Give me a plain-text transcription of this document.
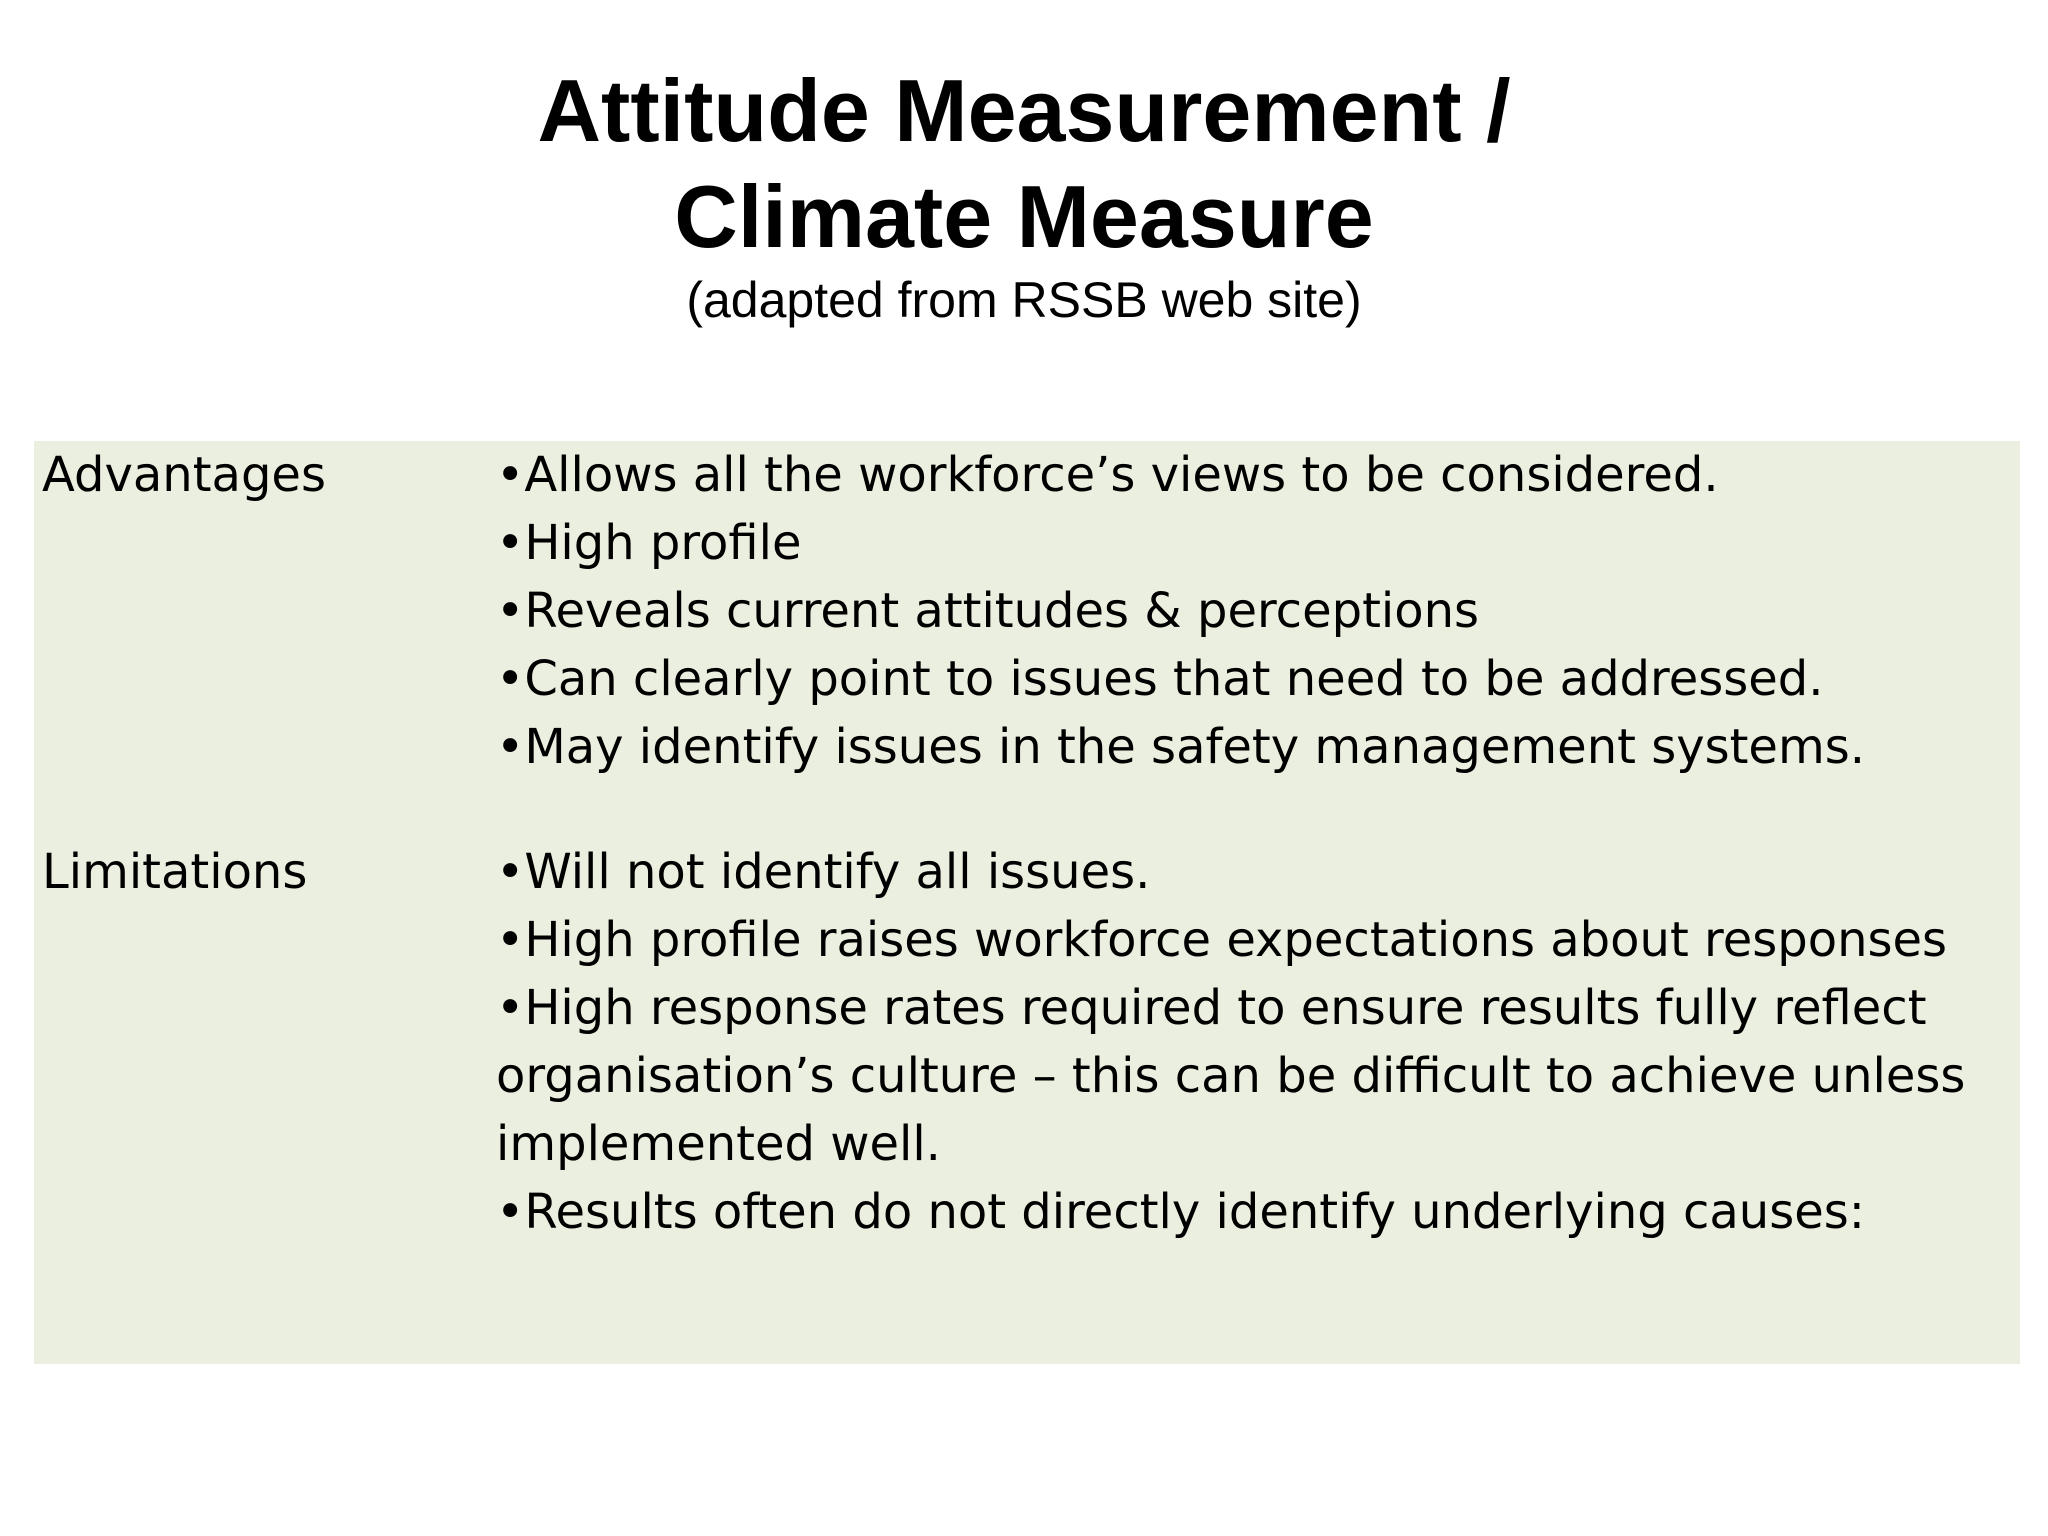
Attitude Measurement /
Climate Measure

(adapted from RSSB web site)

Advantages	• Allows all the workforce’s views to be considered.
• High profile
• Reveals current attitudes & perceptions
• Can clearly point to issues that need to be addressed.
• May identify issues in the safety management systems.
Limitations	• Will not identify all issues.
• High profile raises workforce expectations about responses
• High response rates required to ensure results fully reflect organisation’s culture – this can be difficult to achieve unless implemented well.
• Results often do not directly identify underlying causes:
